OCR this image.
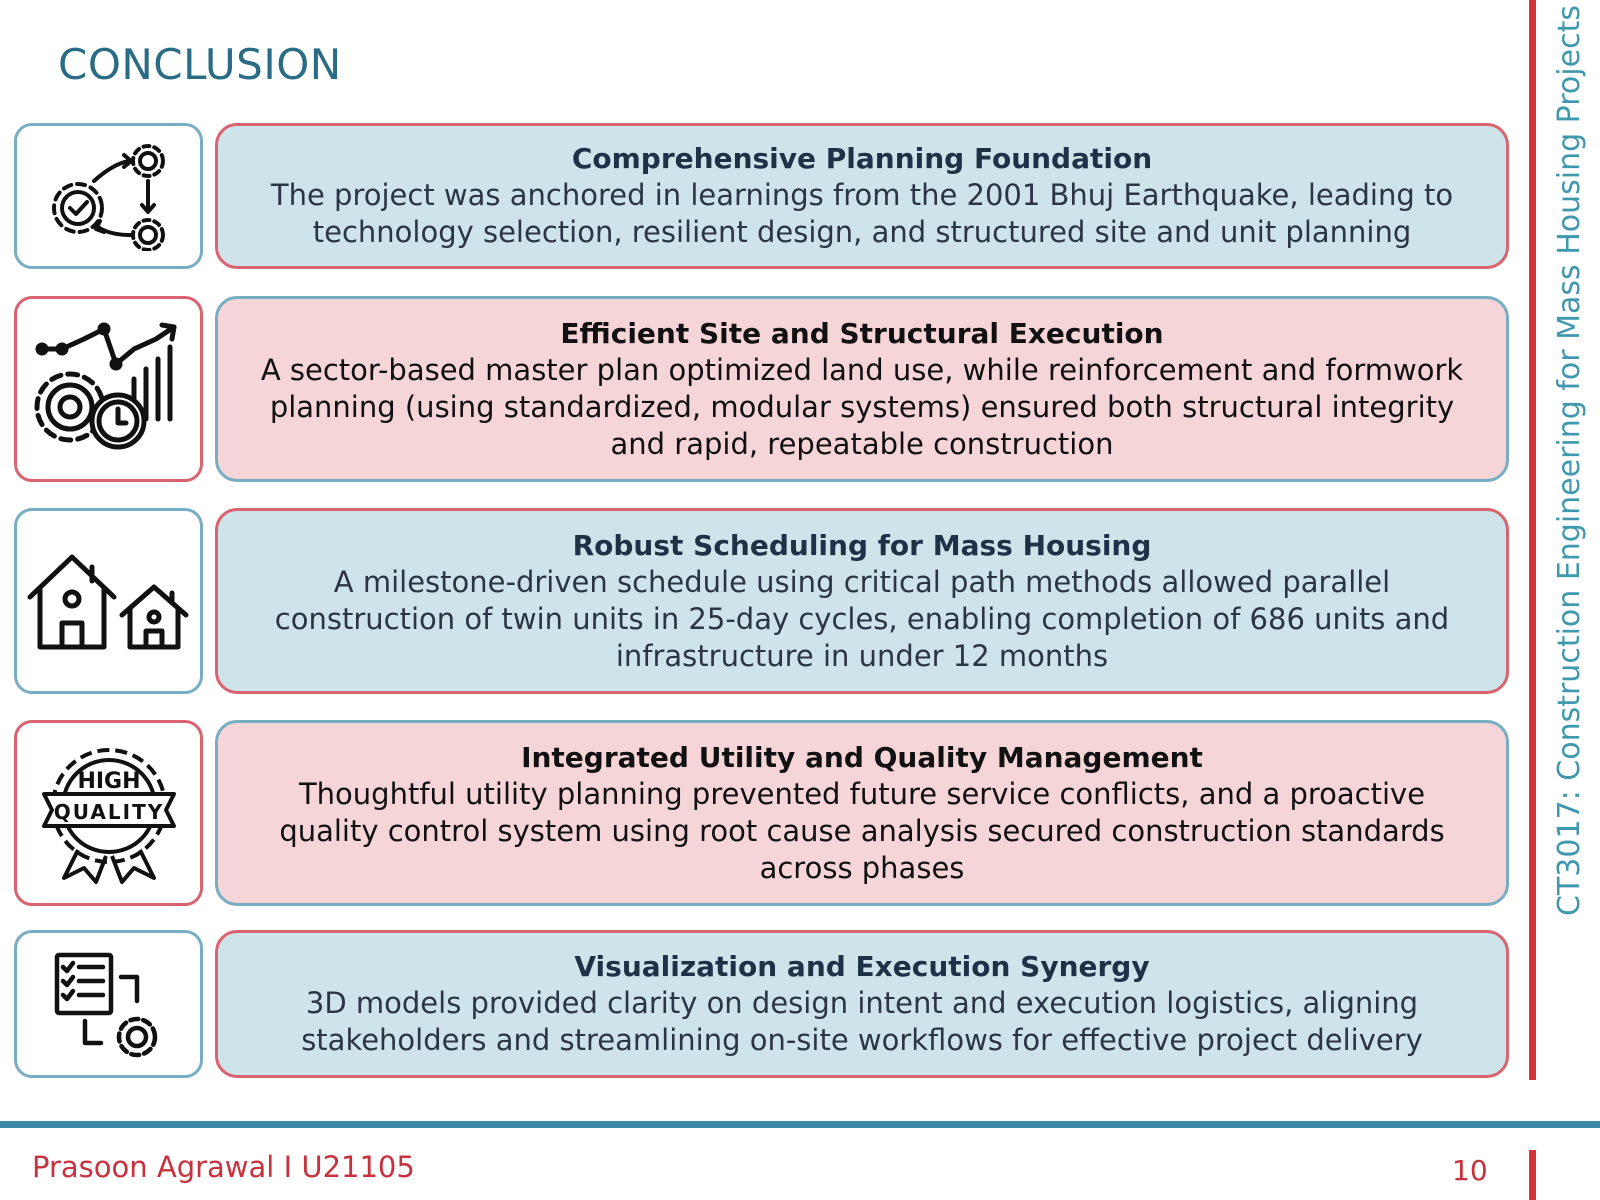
CONCLUSION	CT3017: Construction Engineering for Mass Housing Projects
Comprehensive Planning Foundation
The project was anchored in learnings from the 2001 Bhuj Earthquake, leading to technology selection, resilient design, and structured site and unit planning
Efficient Site and Structural Execution
A sector-based master plan optimized land use, while reinforcement and formwork planning (using standardized, modular systems) ensured both structural integrity and rapid, repeatable construction
Robust Scheduling for Mass Housing
A milestone-driven schedule using critical path methods allowed parallel construction of twin units in 25-day cycles, enabling completion of 686 units and infrastructure in under 12 months
HIGH
QUALITY
Integrated Utility and Quality Management
Thoughtful utility planning prevented future service conflicts, and a proactive quality control system using root cause analysis secured construction standards across phases
Visualization and Execution Synergy
3D models provided clarity on design intent and execution logistics, aligning stakeholders and streamlining on-site workflows for effective project delivery
Prasoon Agrawal I U21105	10
